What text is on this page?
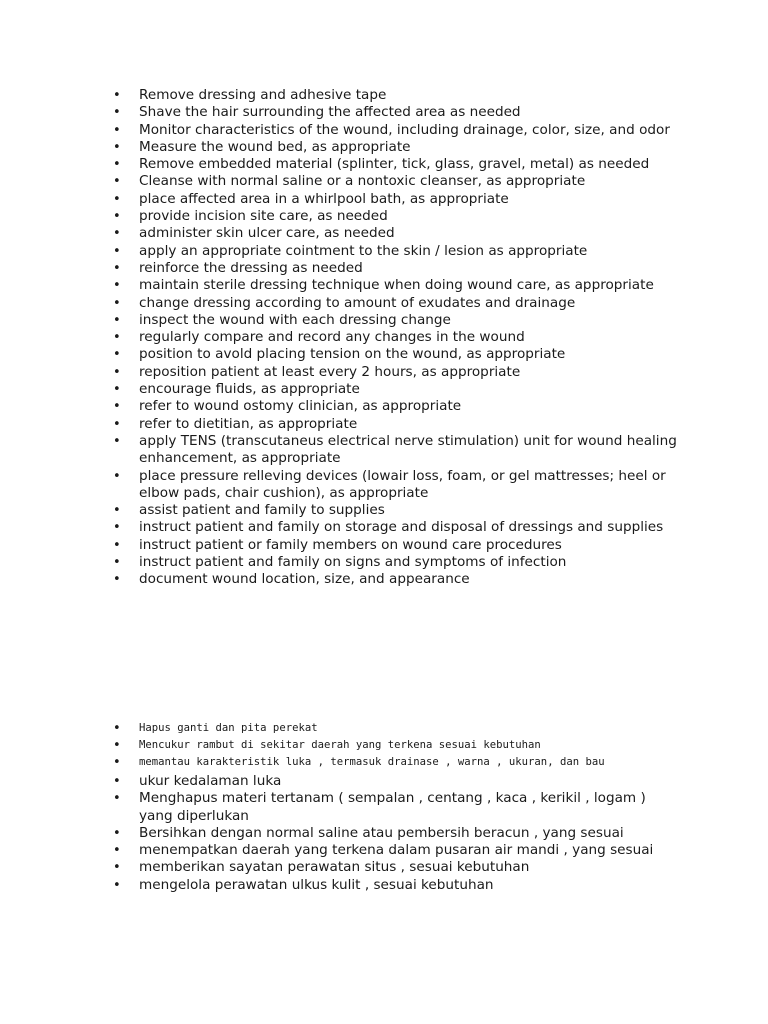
• Remove dressing and adhesive tape
• Shave the hair surrounding the affected area as needed
• Monitor characteristics of the wound, including drainage, color, size, and odor
• Measure the wound bed, as appropriate
• Remove embedded material (splinter, tick, glass, gravel, metal) as needed
• Cleanse with normal saline or a nontoxic cleanser, as appropriate
• place affected area in a whirlpool bath, as appropriate
• provide incision site care, as needed
• administer skin ulcer care, as needed
• apply an appropriate cointment to the skin / lesion as appropriate
• reinforce the dressing as needed
• maintain sterile dressing technique when doing wound care, as appropriate
• change dressing according to amount of exudates and drainage
• inspect the wound with each dressing change
• regularly compare and record any changes in the wound
• position to avold placing tension on the wound, as appropriate
• reposition patient at least every 2 hours, as appropriate
• encourage fluids, as appropriate
• refer to wound ostomy clinician, as appropriate
• refer to dietitian, as appropriate
• apply TENS (transcutaneus electrical nerve stimulation) unit for wound healing enhancement, as appropriate
• place pressure relleving devices (lowair loss, foam, or gel mattresses; heel or elbow pads, chair cushion), as appropriate
• assist patient and family to supplies
• instruct patient and family on storage and disposal of dressings and supplies
• instruct patient or family members on wound care procedures
• instruct patient and family on signs and symptoms of infection
• document wound location, size, and appearance
• Hapus ganti dan pita perekat
• Mencukur rambut di sekitar daerah yang terkena sesuai kebutuhan
• memantau karakteristik luka , termasuk drainase , warna , ukuran, dan bau
• ukur kedalaman luka
• Menghapus materi tertanam ( sempalan , centang , kaca , kerikil , logam ) yang diperlukan
• Bersihkan dengan normal saline atau pembersih beracun , yang sesuai
• menempatkan daerah yang terkena dalam pusaran air mandi , yang sesuai
• memberikan sayatan perawatan situs , sesuai kebutuhan
• mengelola perawatan ulkus kulit , sesuai kebutuhan
